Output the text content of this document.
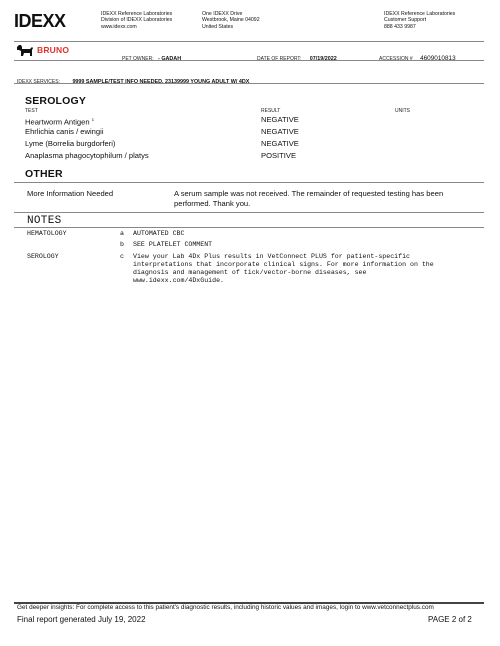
IDEXX	IDEXX Reference Laboratories
Division of IDEXX Laboratories
www.idexx.com
One IDEXX Drive
Westbrook, Maine 04092
United States
IDEXX Reference Laboratories
Customer Support
888 433 9987
BRUNO
PET OWNER: - GADAH	DATE OF REPORT: 07/19/2022	ACCESSION # 4609010813
IDEXX SERVICES: 9999 SAMPLE/TEST INFO NEEDED, 23139999 YOUNG ADULT W/ 4DX
SEROLOGY
TEST	RESULT	UNITS
Heartworm Antigen $^c$	NEGATIVE
Ehrlichia canis / ewingii	NEGATIVE
Lyme (Borrelia burgdorferi)	NEGATIVE
Anaplasma phagocytophilum / platys	POSITIVE
OTHER
More Information Needed	A serum sample was not received. The remainder of requested testing has been
performed. Thank you.
NOTES
HEMATOLOGY	a AUTOMATED CBC
b SEE PLATELET COMMENT
SEROLOGY	c View your Lab 4Dx Plus results in VetConnect PLUS for patient-specific
interpretations that incorporate clinical signs. For more information on the
diagnosis and management of tick/vector-borne diseases, see
www.idexx.com/4DxGuide.
Get deeper insights: For complete access to this patient's diagnostic results, including historic values and images, login to www.vetconnectplus.com
Final report generated July 19, 2022	PAGE 2 of 2
